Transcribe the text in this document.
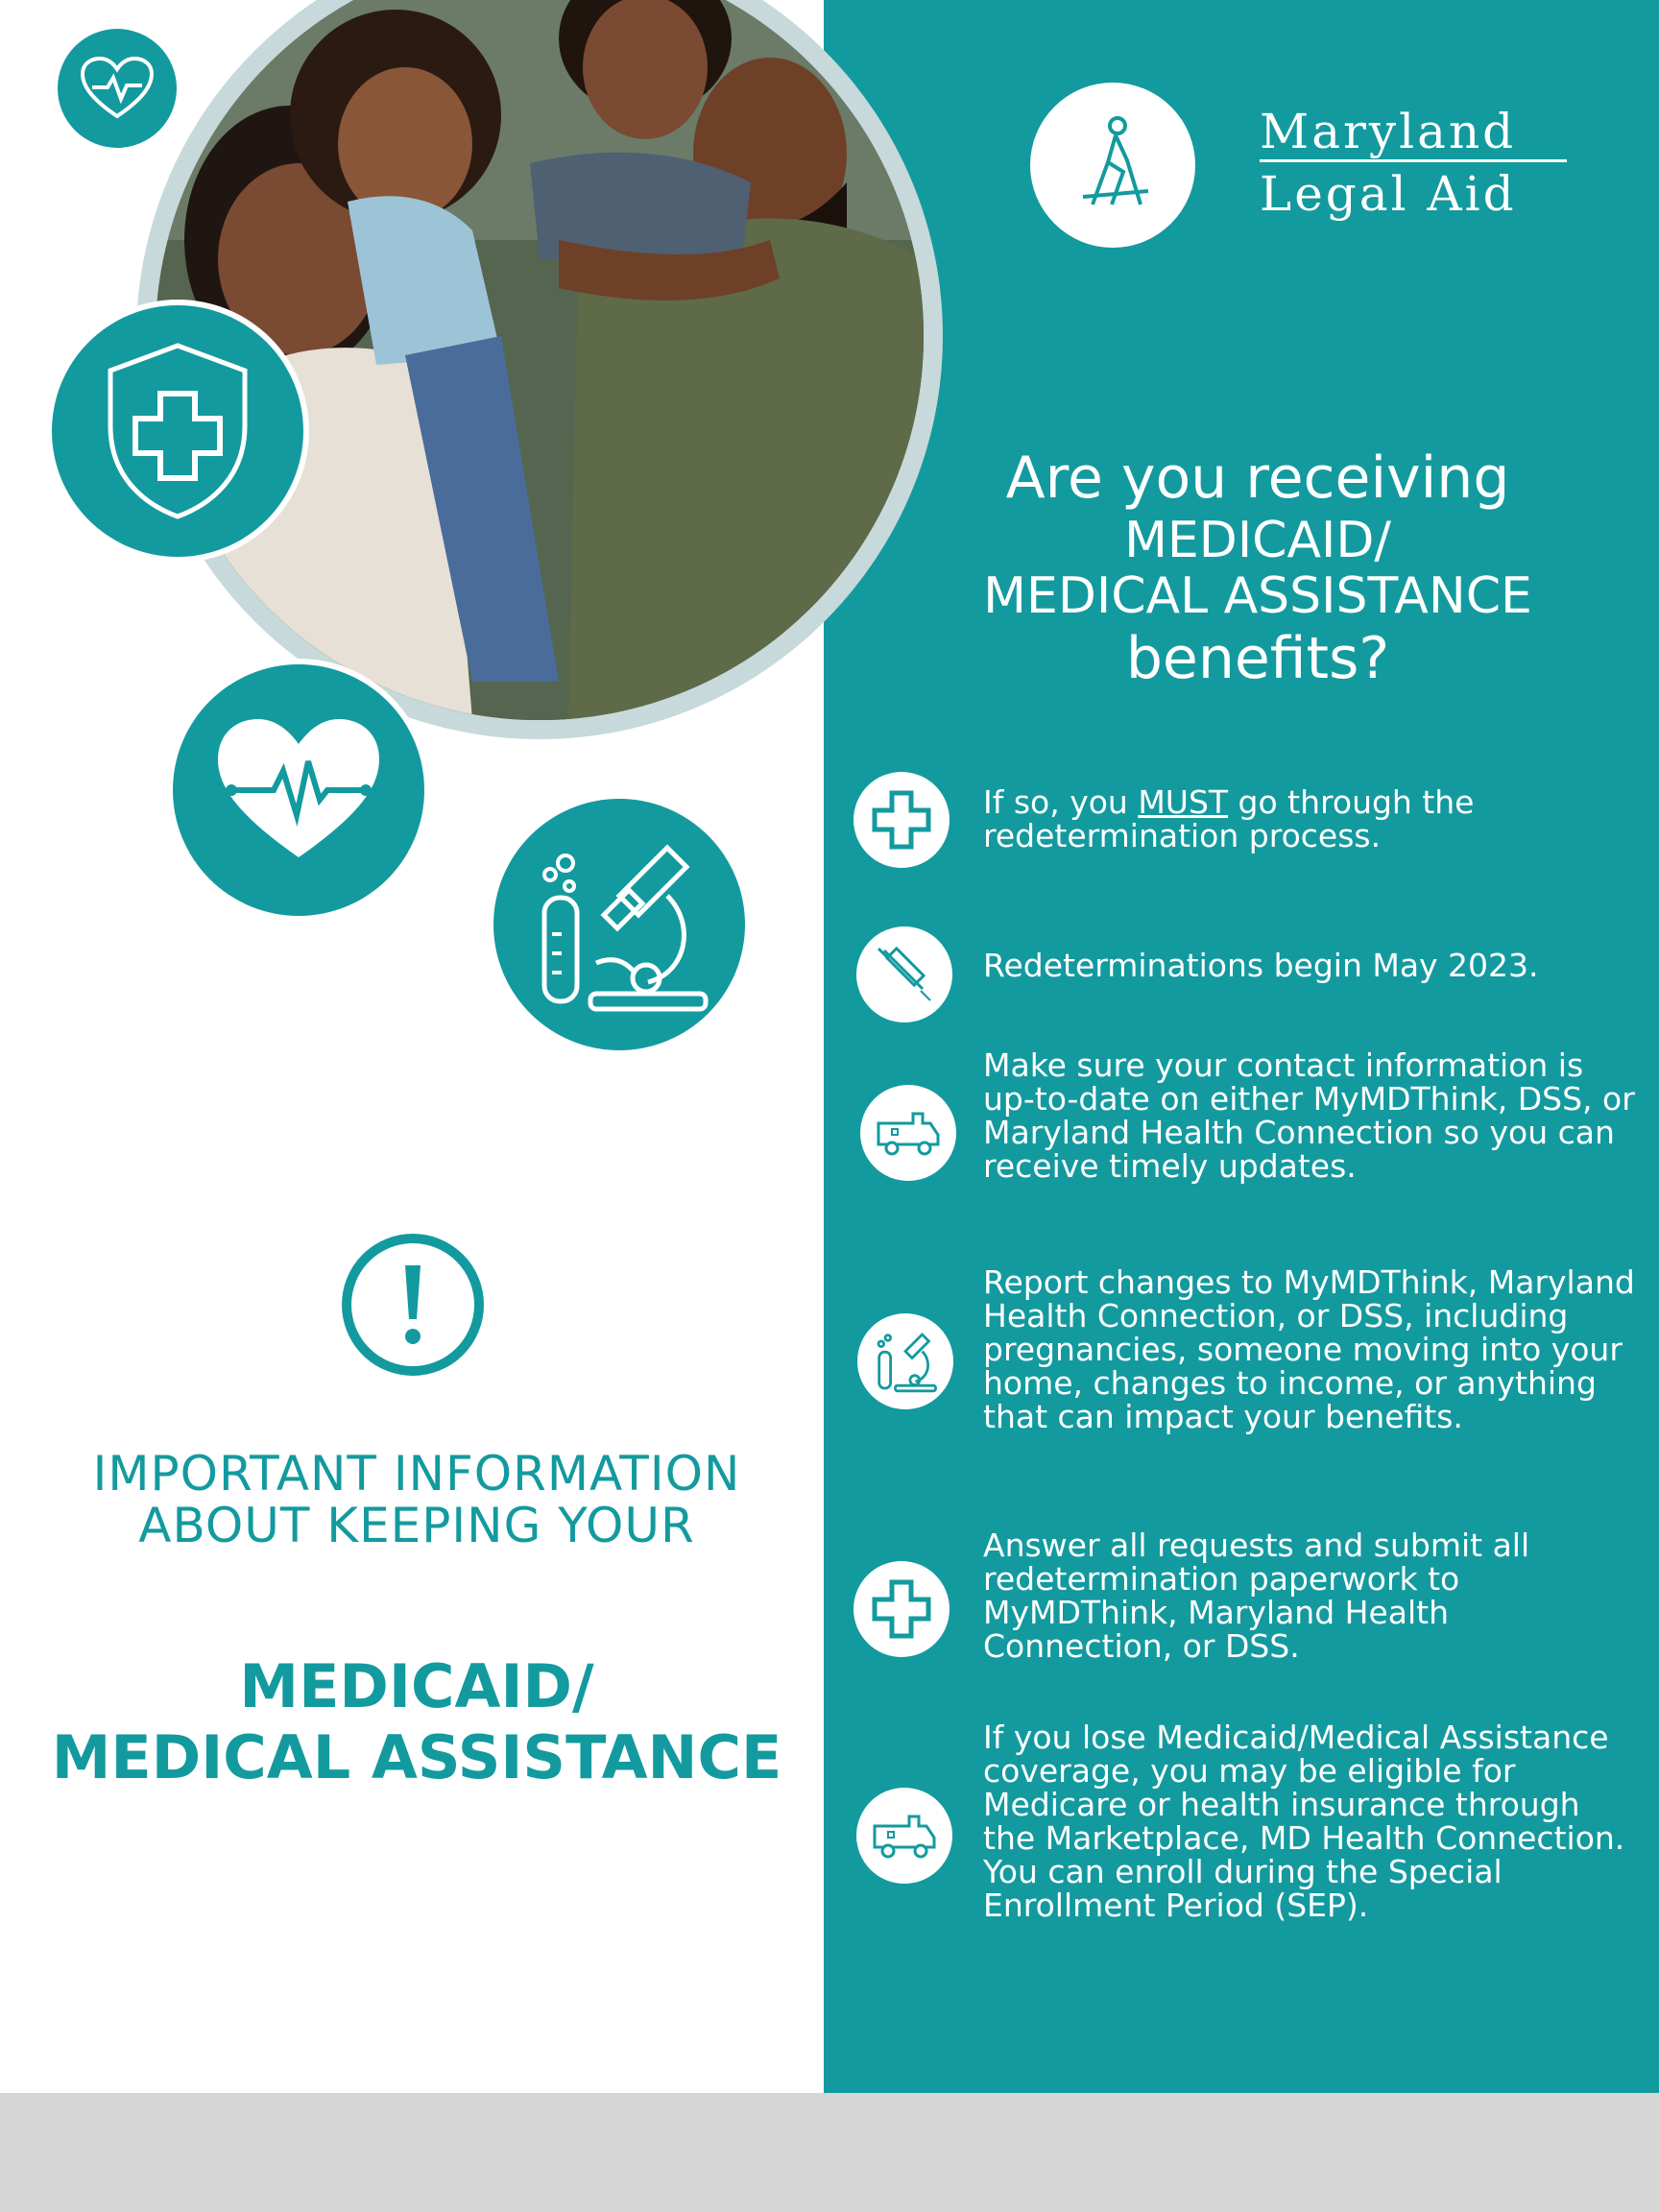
Maryland
Legal Aid
Are you receiving
MEDICAID/
MEDICAL ASSISTANCE
benefits?
If so, you MUST go through the redetermination process.
Redeterminations begin May 2023.
Make sure your contact information is up-to-date on either MyMDThink, DSS, or Maryland Health Connection so you can receive timely updates.
Report changes to MyMDThink, Maryland Health Connection, or DSS, including pregnancies, someone moving into your home, changes to income, or anything that can impact your benefits.
Answer all requests and submit all redetermination paperwork to MyMDThink, Maryland Health Connection, or DSS.
If you lose Medicaid/Medical Assistance coverage, you may be eligible for Medicare or health insurance through the Marketplace, MD Health Connection. You can enroll during the Special Enrollment Period (SEP).
IMPORTANT INFORMATION
ABOUT KEEPING YOUR
MEDICAID/
MEDICAL ASSISTANCE
